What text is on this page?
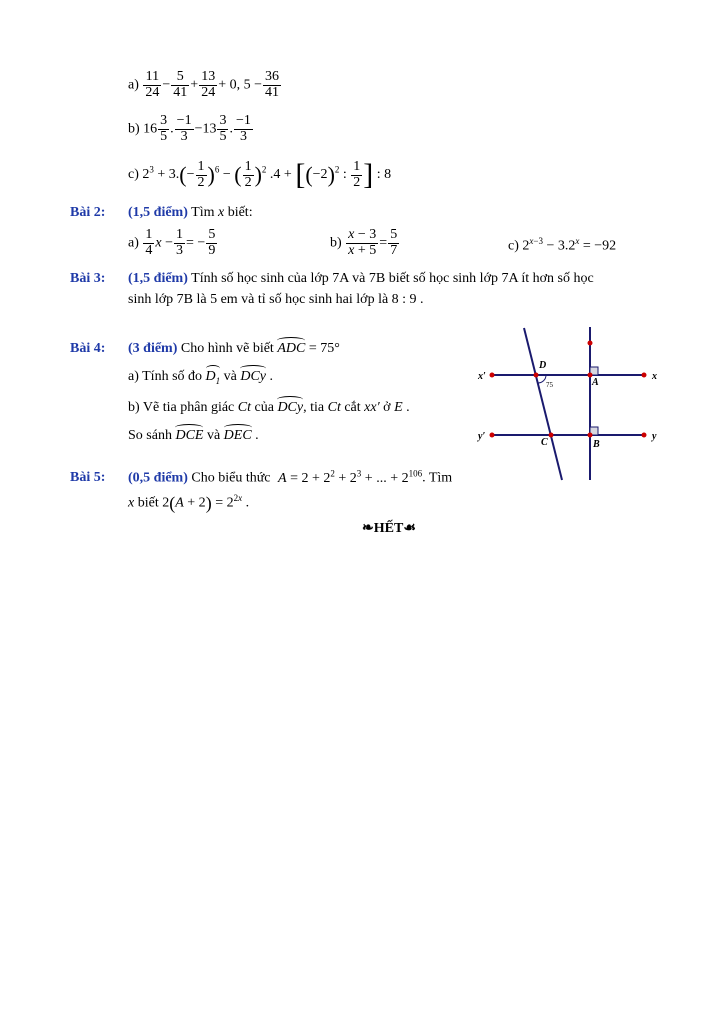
$a) \frac{11}{24} - \frac{5}{41} + \frac{13}{24} + 0$, $5 - \frac{36}{41}$
b) $16 \frac{3}{5}$ . $\frac{-1}{3} -13 \frac{3}{5}$ . $\frac{-1}{3}$
c) $2^3 + 3.(- \frac{1}{2} )^6$ − ( $\frac{1}{2} )^2$ $.4 + [(-2)^2$ : $\frac{1}{2}$ ] : 8
Bài 2: (1,5 điểm) Tìm x biết:
$a) \frac{1}{4}$ $x - \frac{1}{3}$ = − $\frac{5}{9}$	$b) \frac{x - 3}{x + 5} = \frac{5}{7}$	c) $2^{x-3} - 3.2^x = -92$
Bài 3: (1,5 điểm) Tính số học sinh của lớp 7A và 7B biết số học sinh lớp 7A ít hơn số học
sinh lớp 7B là 5 em và tỉ số học sinh hai lớp là 8 : 9 .
Bài 4: (3 điểm) Cho hình vẽ biết ADC = 75°
a) Tính số đo $D_1$ và DCy .
b) Vẽ tia phân giác Ct của DCy, tia Ct cắt xx′ ở E .
So sánh DCE và DEC .
x′	x
y′	y
D
A
C	B
75
Bài 5: (0,5 điểm) Cho biểu thức $A = 2 + 2^2 + 2^3$ + ... + $2^{106}$. Tìm
x biết $2(A + 2) = 2^{2x}$ .
❧HẾT☙
